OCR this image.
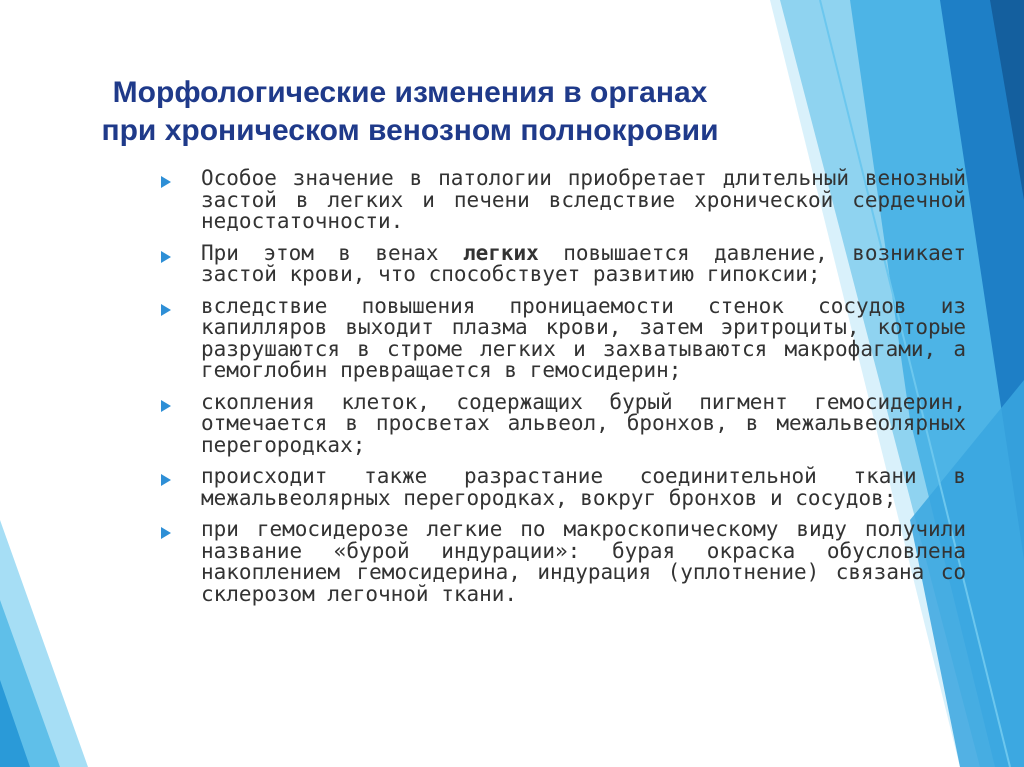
Морфологические изменения в органах при хроническом венозном полнокровии
Особое значение в патологии приобретает длительный венозный застой в легких и печени вследствие хронической сердечной недостаточности.
При этом в венах легких повышается давление, возникает застой крови, что способствует развитию гипоксии;
вследствие повышения проницаемости стенок сосудов из капилляров выходит плазма крови, затем эритроциты, которые разрушаются в строме легких и захватываются макрофагами, а гемоглобин превращается в гемосидерин;
скопления клеток, содержащих бурый пигмент гемосидерин, отмечается в просветах альвеол, бронхов, в межальвеолярных перегородках;
происходит также разрастание соединительной ткани в межальвеолярных перегородках, вокруг бронхов и сосудов;
при гемосидерозе легкие по макроскопическому виду получили название «бурой индурации»: бурая окраска обусловлена накоплением гемосидерина, индурация (уплотнение) связана со склерозом легочной ткани.
